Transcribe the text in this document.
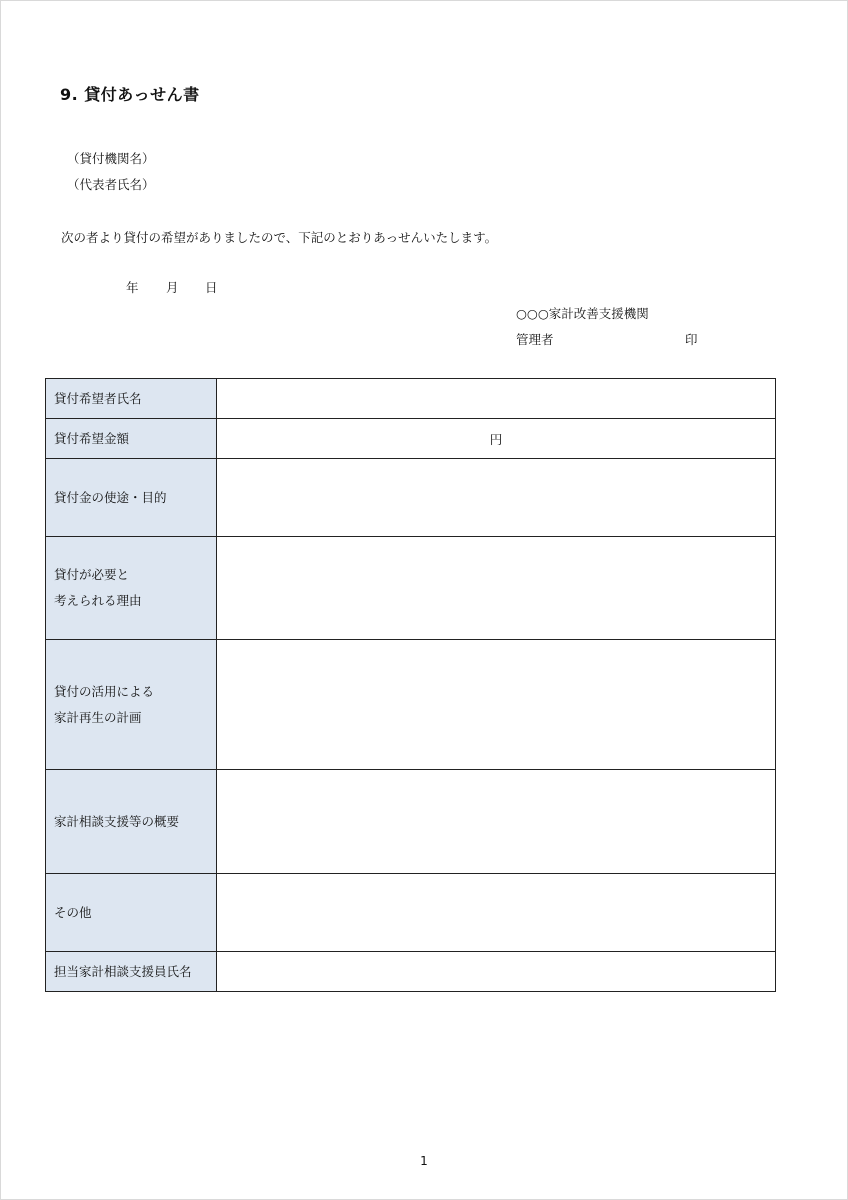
9. 貸付あっせん書
（貸付機関名）
（代表者氏名）
次の者より貸付の希望がありましたので、下記のとおりあっせんいたします。
年 月 日
○○○家計改善支援機関
管理者	印
貸付希望者氏名	
貸付希望金額	円
貸付金の使途・目的	

貸付が必要と
考えられる理由	

貸付の活用による
家計再生の計画	

家計相談支援等の概要	
その他	
担当家計相談支援員氏名	
1
